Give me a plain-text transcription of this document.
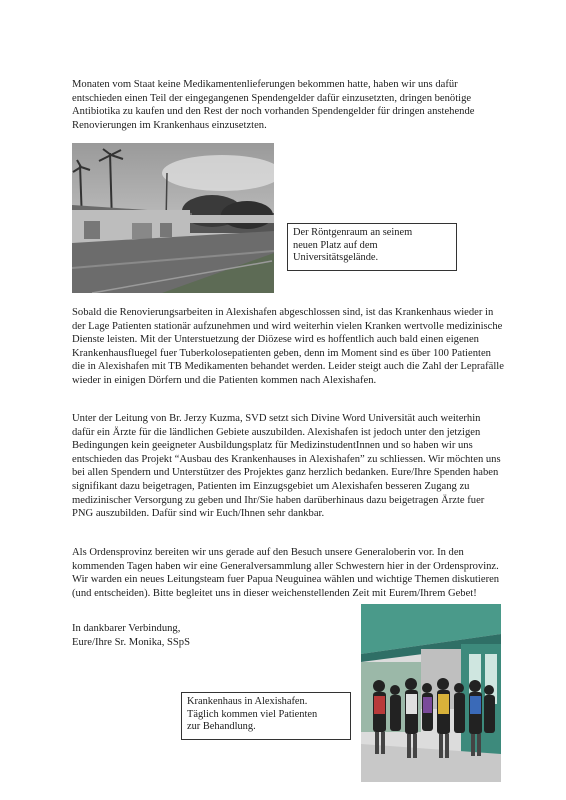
Monaten vom Staat keine Medikamentenlieferungen bekommen hatte, haben wir uns dafür entschieden einen Teil der eingegangenen Spendengelder dafür einzusetzten, dringen benötige Antibiotika zu kaufen und den Rest der noch vorhanden Spendengelder für dringen anstehende Renovierungen im Krankenhaus einzusetzten.

Der Röntgenraum an seinem
neuen Platz auf dem
Universitätsgelände.

Sobald die Renovierungsarbeiten in Alexishafen abgeschlossen sind, ist das Krankenhaus wieder in der Lage Patienten stationär aufzunehmen und wird weiterhin vielen Kranken wertvolle medizinische Dienste leisten. Mit der Unterstuetzung der Diözese wird es hoffentlich auch bald einen eigenen Krankenhausfluegel fuer Tuberkolosepatienten geben, denn im Moment sind es über 100 Patienten die in Alexishafen mit TB Medikamenten behandet werden. Leider steigt auch die Zahl der Leprafälle wieder in einigen Dörfern und die Patienten kommen nach Alexishafen.

Unter der Leitung von Br. Jerzy Kuzma, SVD setzt sich Divine Word Universität auch weiterhin dafür ein Ärzte für die ländlichen Gebiete auszubilden. Alexishafen ist jedoch unter den jetzigen Bedingungen kein geeigneter Ausbildungsplatz für MedizinstudentInnen und so haben wir uns entschieden das Projekt “Ausbau des Krankenhauses in Alexishafen” zu schliessen. Wir möchten uns bei allen Spendern und Unterstützer des Projektes ganz herzlich bedanken. Eure/Ihre Spenden haben signifikant dazu beigetragen, Patienten im Einzugsgebiet um Alexishafen besseren Zugang zu medizinischer Versorgung zu geben und Ihr/Sie haben darüberhinaus dazu beigetragen Ärzte fuer PNG auszubilden. Dafür sind wir Euch/Ihnen sehr dankbar.

Als Ordensprovinz bereiten wir uns gerade auf den Besuch unsere Generaloberin vor. In den kommenden Tagen haben wir eine Generalversammlung aller Schwestern hier in der Ordensprovinz. Wir warden ein neues Leitungsteam fuer Papua Neuguinea wählen und wichtige Themen diskutieren (und entscheiden). Bitte begleitet uns in dieser weichenstellenden Zeit mit Eurem/Ihrem Gebet!

In dankbarer Verbindung,
Eure/Ihre Sr. Monika, SSpS
Krankenhaus in Alexishafen.
Täglich kommen viel Patienten
zur Behandlung.
